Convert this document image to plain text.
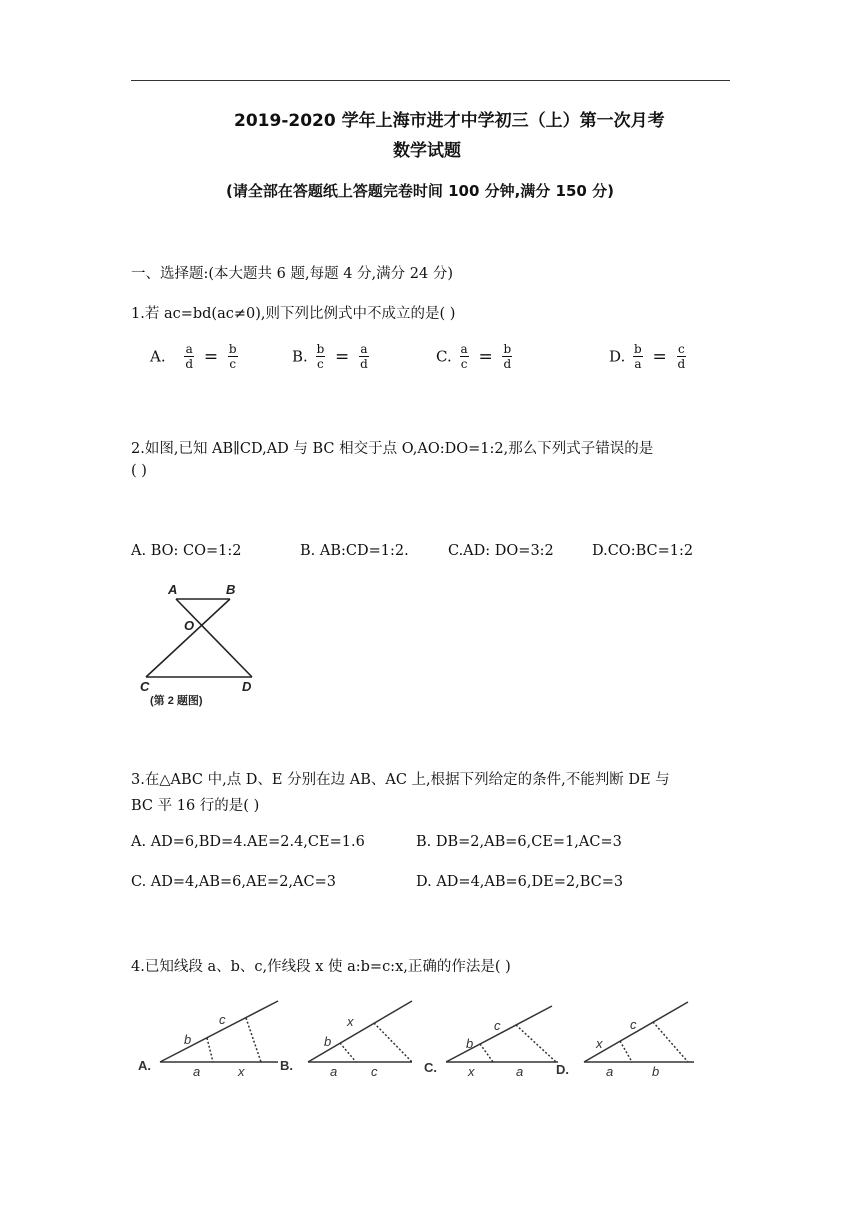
2019-2020 学年上海市进才中学初三（上）第一次月考
数学试题
(请全部在答题纸上答题完卷时间 100 分钟,满分 150 分)
一、选择题:(本大题共 6 题,每题 4 分,满分 24 分)
1.若 ac=bd(ac≠0),则下列比例式中不成立的是( )
A. $\frac{a}{d} = \frac{b}{c}$	B. $\frac{b}{c} = \frac{a}{d}$	C. $\frac{a}{c} = \frac{b}{d}$	D. $\frac{b}{a} = \frac{c}{d}$
2.如图,已知 AB∥CD,AD 与 BC 相交于点 O,AO:DO=1:2,那么下列式子错误的是
( )
A. BO: CO=1:2	B. AB:CD=1:2.	C.AD: DO=3:2	D.CO:BC=1:2
A	B
O
C	D
(第 2 题图)
3.在△ABC 中,点 D、E 分别在边 AB、AC 上,根据下列给定的条件,不能判断 DE 与
BC 平 16 行的是( )
A. AD=6,BD=4.AE=2.4,CE=1.6	B. DB=2,AB=6,CE=1,AC=3
C. AD=4,AB=6,AE=2,AC=3	D. AD=4,AB=6,DE=2,BC=3
4.已知线段 a、b、c,作线段 x 使 a:b=c:x,正确的作法是( )
A.
b
c
a	x	B.
b
x
a	c	C.
b
c
x	a	D.
x
c
a	b
